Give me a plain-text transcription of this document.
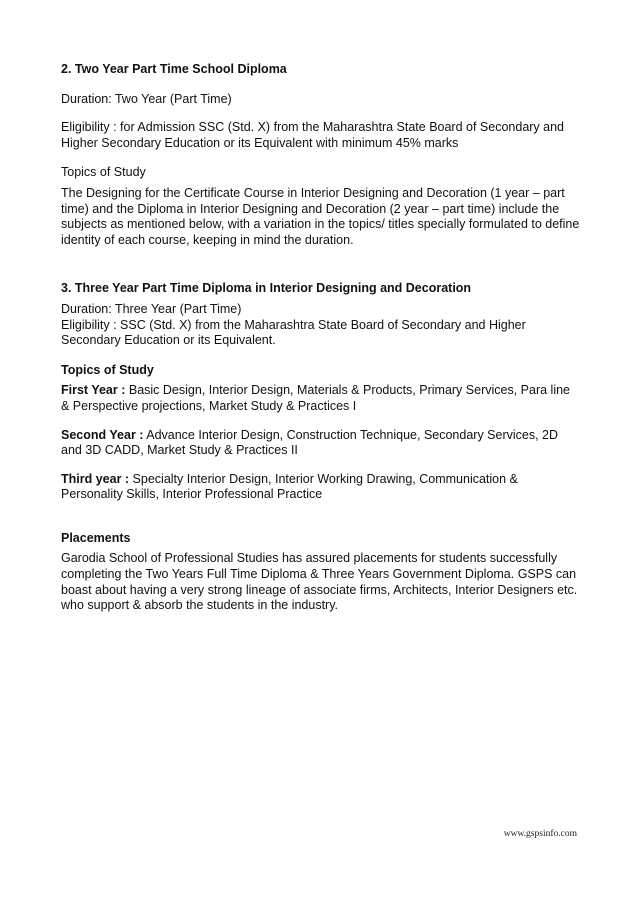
2. Two Year Part Time School Diploma

Duration: Two Year (Part Time)

Eligibility : for Admission SSC (Std. X) from the Maharashtra State Board of Secondary and Higher Secondary Education or its Equivalent with minimum 45% marks

Topics of Study

The Designing for the Certificate Course in Interior Designing and Decoration (1 year – part time) and the Diploma in Interior Designing and Decoration (2 year – part time) include the subjects as mentioned below, with a variation in the topics/ titles specially formulated to define identity of each course, keeping in mind the duration.

3. Three Year Part Time Diploma in Interior Designing and Decoration

Duration: Three Year (Part Time)

Eligibility : SSC (Std. X) from the Maharashtra State Board of Secondary and Higher Secondary Education or its Equivalent.

Topics of Study

First Year : Basic Design, Interior Design, Materials & Products, Primary Services, Para line & Perspective projections, Market Study & Practices I

Second Year : Advance Interior Design, Construction Technique, Secondary Services, 2D and 3D CADD, Market Study & Practices II

Third year : Specialty Interior Design, Interior Working Drawing, Communication & Personality Skills, Interior Professional Practice

Placements

Garodia School of Professional Studies has assured placements for students successfully completing the Two Years Full Time Diploma & Three Years Government Diploma. GSPS can boast about having a very strong lineage of associate firms, Architects, Interior Designers etc. who support & absorb the students in the industry.

www.gspsinfo.com
